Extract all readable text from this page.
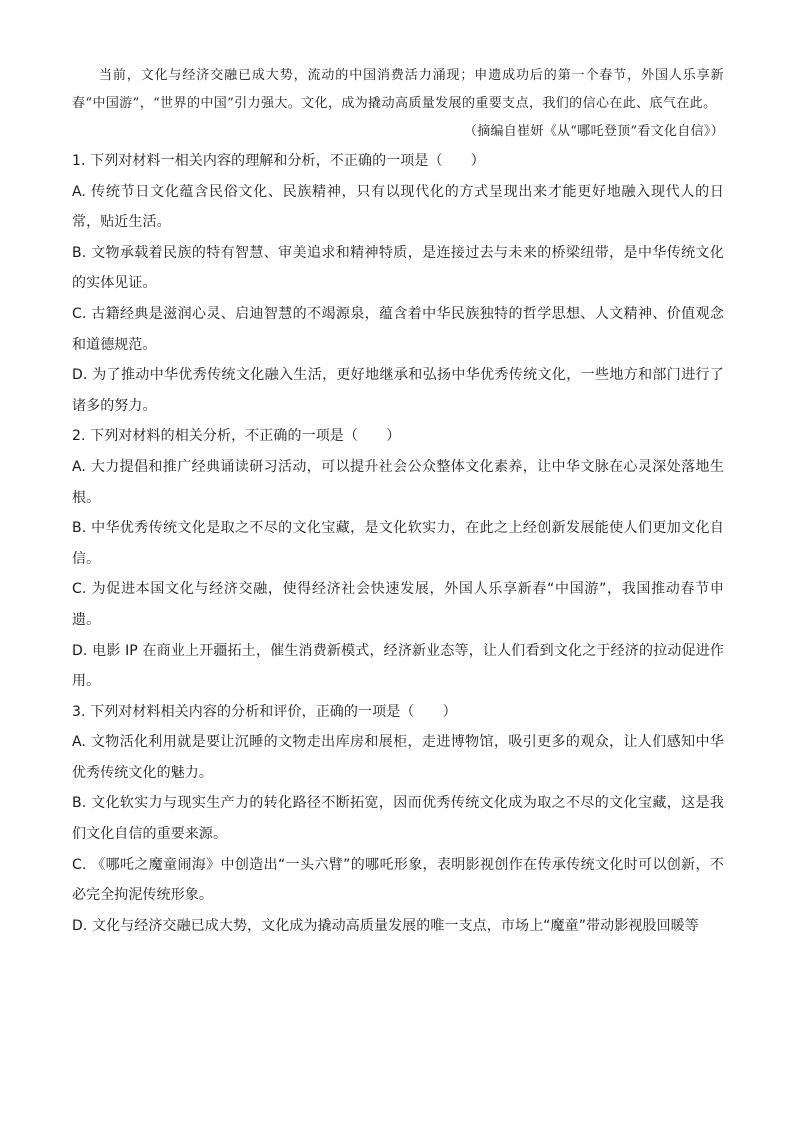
当前，文化与经济交融已成大势，流动的中国消费活力涌现；申遗成功后的第一个春节，外国人乐享新春“中国游”，“世界的中国”引力强大。文化，成为撬动高质量发展的重要支点，我们的信心在此、底气在此。

（摘编自崔妍《从“哪吒登顶”看文化自信》）

1. 下列对材料一相关内容的理解和分析，不正确的一项是（　　）

A. 传统节日文化蕴含民俗文化、民族精神，只有以现代化的方式呈现出来才能更好地融入现代人的日常，贴近生活。

B. 文物承载着民族的特有智慧、审美追求和精神特质，是连接过去与未来的桥梁纽带，是中华传统文化的实体见证。

C. 古籍经典是滋润心灵、启迪智慧的不竭源泉，蕴含着中华民族独特的哲学思想、人文精神、价值观念和道德规范。

D. 为了推动中华优秀传统文化融入生活，更好地继承和弘扬中华优秀传统文化，一些地方和部门进行了诸多的努力。

2. 下列对材料的相关分析，不正确的一项是（　　）

A. 大力提倡和推广经典诵读研习活动，可以提升社会公众整体文化素养，让中华文脉在心灵深处落地生根。

B. 中华优秀传统文化是取之不尽的文化宝藏，是文化软实力，在此之上经创新发展能使人们更加文化自信。

C. 为促进本国文化与经济交融，使得经济社会快速发展，外国人乐享新春“中国游”，我国推动春节申遗。

D. 电影 IP 在商业上开疆拓土，催生消费新模式，经济新业态等，让人们看到文化之于经济的拉动促进作用。

3. 下列对材料相关内容的分析和评价，正确的一项是（　　）

A. 文物活化利用就是要让沉睡的文物走出库房和展柜，走进博物馆，吸引更多的观众，让人们感知中华优秀传统文化的魅力。

B. 文化软实力与现实生产力的转化路径不断拓宽，因而优秀传统文化成为取之不尽的文化宝藏，这是我们文化自信的重要来源。

C. 《哪吒之魔童闹海》中创造出“一头六臂”的哪吒形象，表明影视创作在传承传统文化时可以创新，不必完全拘泥传统形象。

D. 文化与经济交融已成大势，文化成为撬动高质量发展的唯一支点，市场上“魔童”带动影视股回暖等
